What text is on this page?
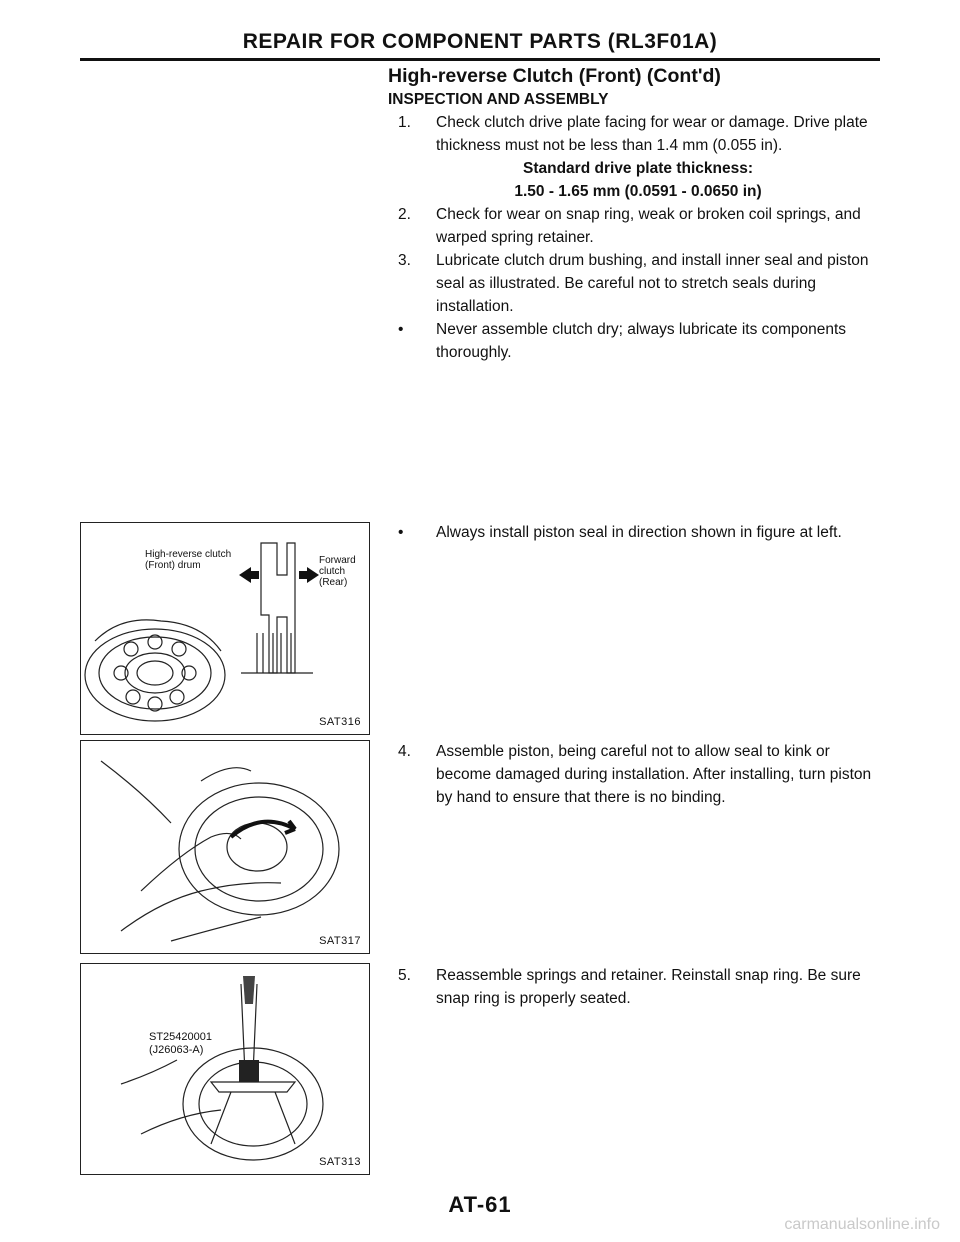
REPAIR FOR COMPONENT PARTS (RL3F01A)
High-reverse Clutch (Front) (Cont'd)
INSPECTION AND ASSEMBLY
1. Check clutch drive plate facing for wear or damage. Drive plate thickness must not be less than 1.4 mm (0.055 in).
Standard drive plate thickness:
1.50 - 1.65 mm (0.0591 - 0.0650 in)
2. Check for wear on snap ring, weak or broken coil springs, and warped spring retainer.
3. Lubricate clutch drum bushing, and install inner seal and piston seal as illustrated. Be careful not to stretch seals during installation.
• Never assemble clutch dry; always lubricate its components thoroughly.
• Always install piston seal in direction shown in figure at left.
4. Assemble piston, being careful not to allow seal to kink or become damaged during installation. After installing, turn piston by hand to ensure that there is no binding.
5. Reassemble springs and retainer. Reinstall snap ring. Be sure snap ring is properly seated.
High-reverse clutch (Front) drum	Forward clutch (Rear)
SAT316
SAT317
ST25420001
(J26063-A)
SAT313
AT-61
carmanualsonline.info
